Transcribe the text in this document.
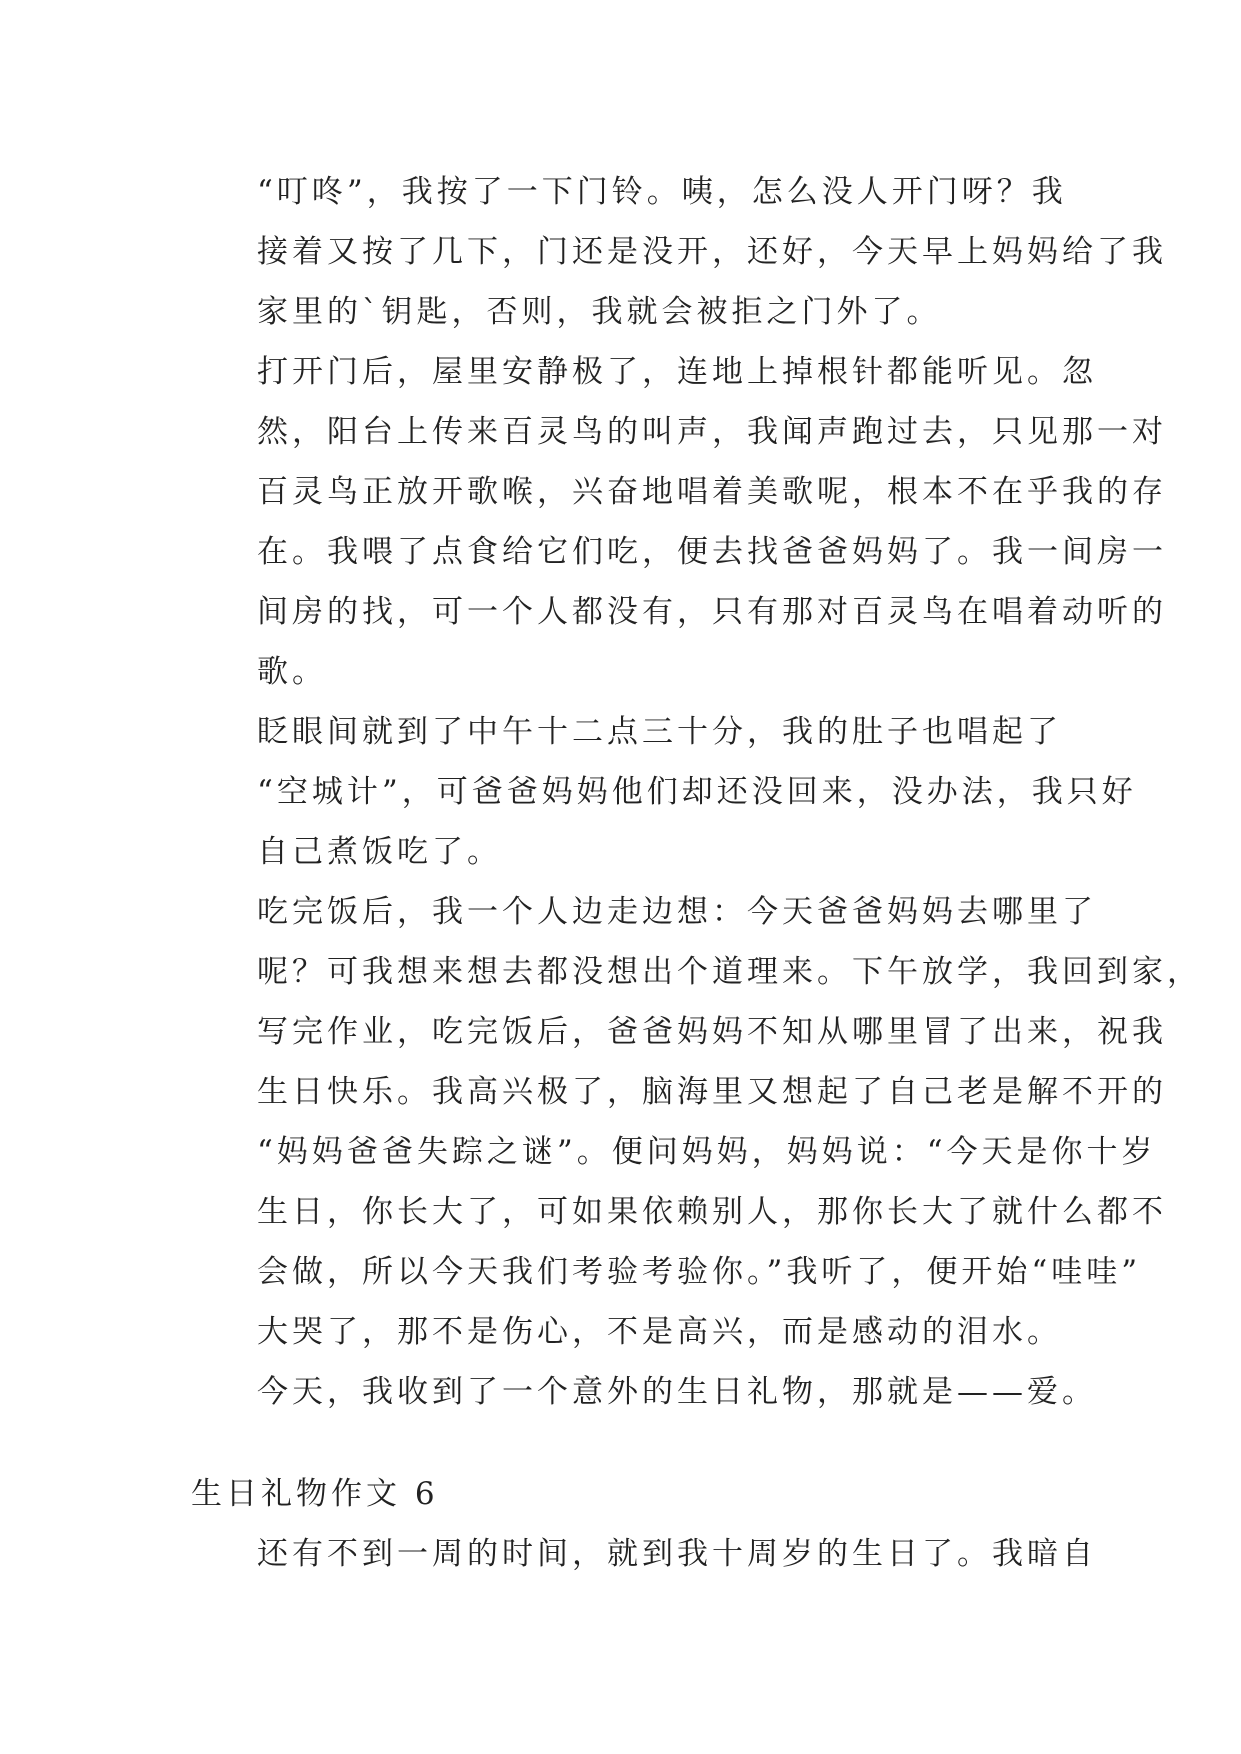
“叮咚”，我按了一下门铃。咦，怎么没人开门呀？我
接着又按了几下，门还是没开，还好，今天早上妈妈给了我
家里的`钥匙，否则，我就会被拒之门外了。

打开门后，屋里安静极了，连地上掉根针都能听见。忽
然，阳台上传来百灵鸟的叫声，我闻声跑过去，只见那一对
百灵鸟正放开歌喉，兴奋地唱着美歌呢，根本不在乎我的存
在。我喂了点食给它们吃，便去找爸爸妈妈了。我一间房一
间房的找，可一个人都没有，只有那对百灵鸟在唱着动听的
歌。

眨眼间就到了中午十二点三十分，我的肚子也唱起了
“空城计”，可爸爸妈妈他们却还没回来，没办法，我只好
自己煮饭吃了。

吃完饭后，我一个人边走边想：今天爸爸妈妈去哪里了
呢？可我想来想去都没想出个道理来。下午放学，我回到家，
写完作业，吃完饭后，爸爸妈妈不知从哪里冒了出来，祝我
生日快乐。我高兴极了，脑海里又想起了自己老是解不开的
“妈妈爸爸失踪之谜”。便问妈妈，妈妈说：“今天是你十岁
生日，你长大了，可如果依赖别人，那你长大了就什么都不
会做，所以今天我们考验考验你。”我听了，便开始“哇哇”
大哭了，那不是伤心，不是高兴，而是感动的泪水。

今天，我收到了一个意外的生日礼物，那就是——爱。

生日礼物作文 6

还有不到一周的时间，就到我十周岁的生日了。我暗自
